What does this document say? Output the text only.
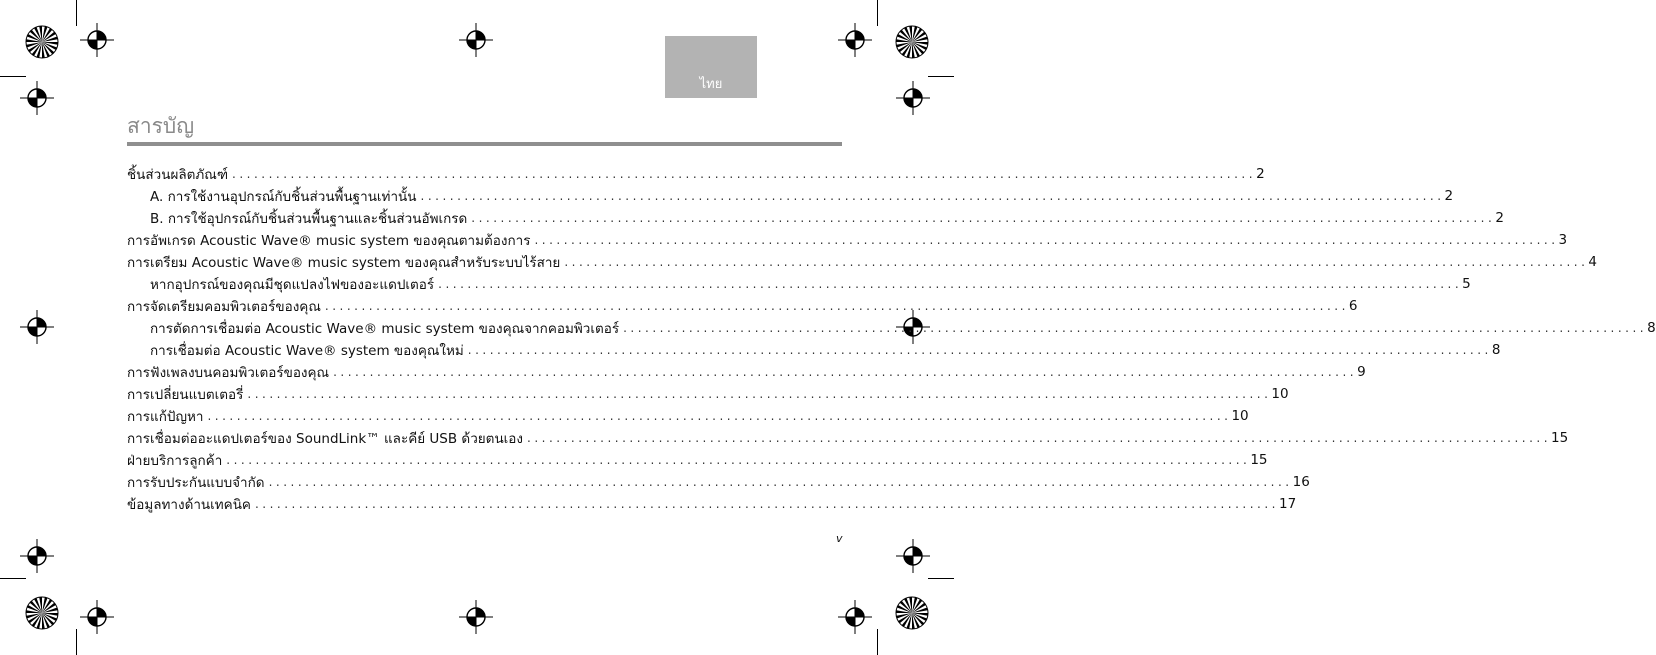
ไทย
สารบัญ
ชิ้นส่วนผลิตภัณฑ์ ............................................................................................................................................ 2
A. การใช้งานอุปกรณ์กับชิ้นส่วนพื้นฐานเท่านั้น ............................................................................................................................................ 2
B. การใช้อุปกรณ์กับชิ้นส่วนพื้นฐานและชิ้นส่วนอัพเกรด ............................................................................................................................................ 2
การอัพเกรด Acoustic Wave® music system ของคุณตามต้องการ ............................................................................................................................................ 3
การเตรียม Acoustic Wave® music system ของคุณสำหรับระบบไร้สาย ............................................................................................................................................ 4
หากอุปกรณ์ของคุณมีชุดแปลงไฟของอะแดปเตอร์ ............................................................................................................................................ 5
การจัดเตรียมคอมพิวเตอร์ของคุณ ............................................................................................................................................ 6
การตัดการเชื่อมต่อ Acoustic Wave® music system ของคุณจากคอมพิวเตอร์ ............................................................................................................................................ 8
การเชื่อมต่อ Acoustic Wave® system ของคุณใหม่ ............................................................................................................................................ 8
การฟังเพลงบนคอมพิวเตอร์ของคุณ ............................................................................................................................................ 9
การเปลี่ยนแบตเตอรี่ ............................................................................................................................................ 10
การแก้ปัญหา ............................................................................................................................................ 10
การเชื่อมต่ออะแดปเตอร์ของ SoundLink™ และคีย์ USB ด้วยตนเอง ............................................................................................................................................ 15
ฝ่ายบริการลูกค้า ............................................................................................................................................ 15
การรับประกันแบบจำกัด ............................................................................................................................................ 16
ข้อมูลทางด้านเทคนิค ............................................................................................................................................ 17
v
